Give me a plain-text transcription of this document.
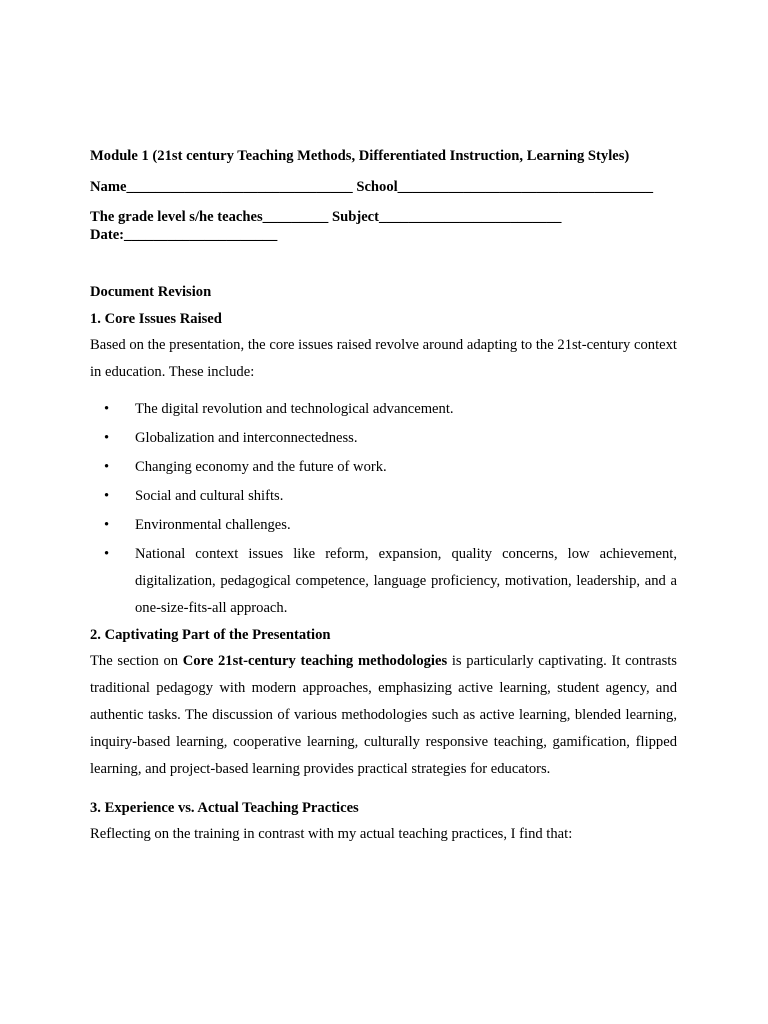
Module 1 (21st century Teaching Methods, Differentiated Instruction, Learning Styles)

Name_______________________________ School___________________________________

The grade level s/he teaches_________ Subject_________________________
Date:_____________________

Document Revision

1. Core Issues Raised

Based on the presentation, the core issues raised revolve around adapting to the 21st-century context in education. These include:

• The digital revolution and technological advancement.
• Globalization and interconnectedness.
• Changing economy and the future of work.
• Social and cultural shifts.
• Environmental challenges.
• National context issues like reform, expansion, quality concerns, low achievement, digitalization, pedagogical competence, language proficiency, motivation, leadership, and a one-size-fits-all approach.

2. Captivating Part of the Presentation

The section on Core 21st-century teaching methodologies is particularly captivating. It contrasts traditional pedagogy with modern approaches, emphasizing active learning, student agency, and authentic tasks. The discussion of various methodologies such as active learning, blended learning, inquiry-based learning, cooperative learning, culturally responsive teaching, gamification, flipped learning, and project-based learning provides practical strategies for educators.

3. Experience vs. Actual Teaching Practices

Reflecting on the training in contrast with my actual teaching practices, I find that:
